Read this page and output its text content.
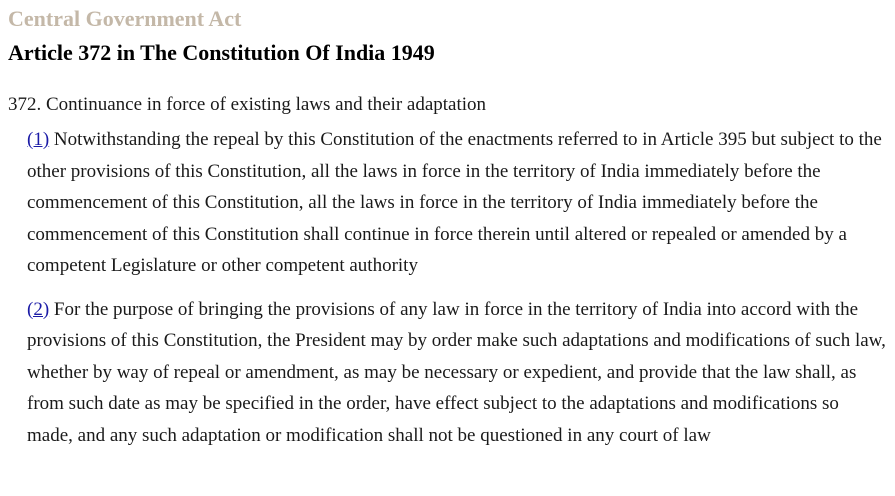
Central Government Act
Article 372 in The Constitution Of India 1949
372. Continuance in force of existing laws and their adaptation
(1) Notwithstanding the repeal by this Constitution of the enactments referred to in Article 395 but subject to the other provisions of this Constitution, all the laws in force in the territory of India immediately before the commencement of this Constitution, all the laws in force in the territory of India immediately before the commencement of this Constitution shall continue in force therein until altered or repealed or amended by a competent Legislature or other competent authority
(2) For the purpose of bringing the provisions of any law in force in the territory of India into accord with the provisions of this Constitution, the President may by order make such adaptations and modifications of such law, whether by way of repeal or amendment, as may be necessary or expedient, and provide that the law shall, as from such date as may be specified in the order, have effect subject to the adaptations and modifications so made, and any such adaptation or modification shall not be questioned in any court of law
